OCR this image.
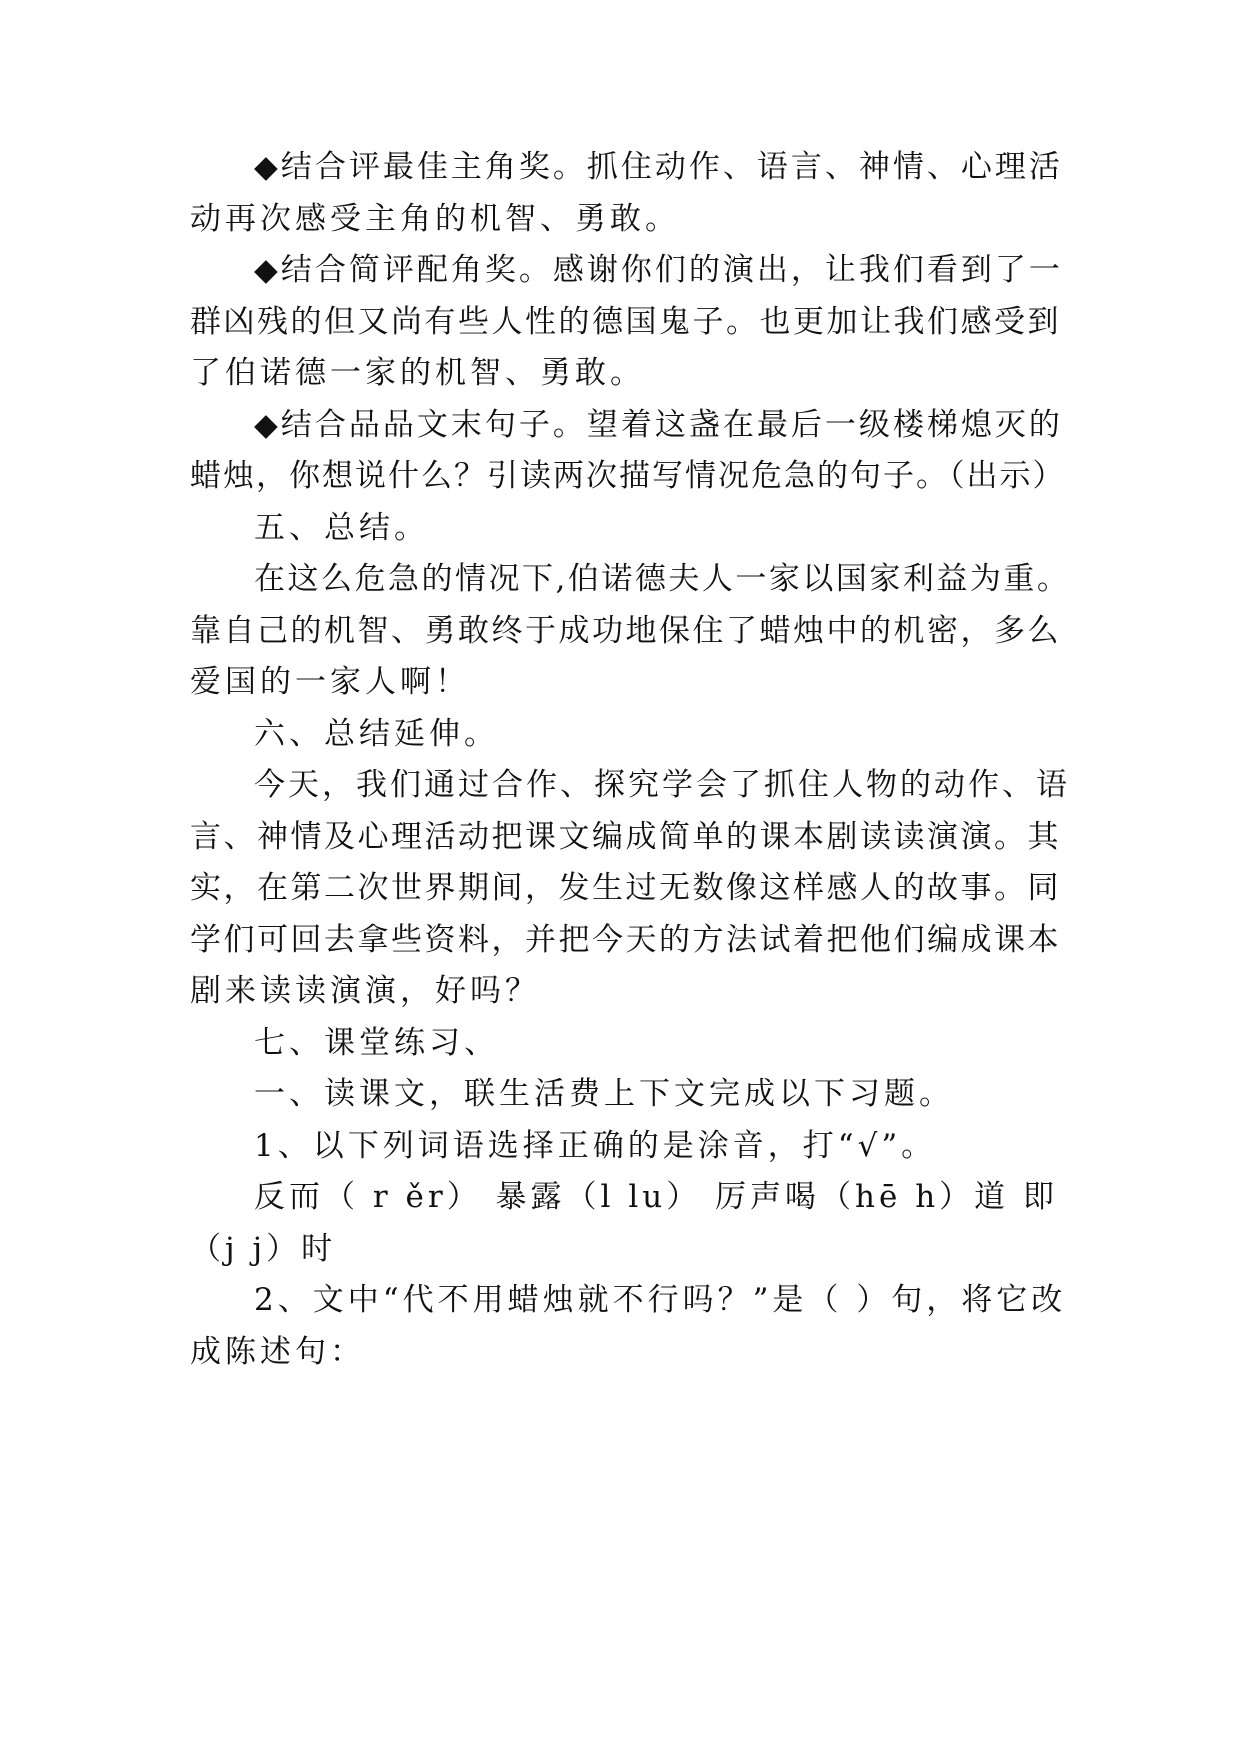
◆结合评最佳主角奖。抓住动作、语言、神情、心理活
动再次感受主角的机智、勇敢。
◆结合简评配角奖。感谢你们的演出，让我们看到了一
群凶残的但又尚有些人性的德国鬼子。也更加让我们感受到
了伯诺德一家的机智、勇敢。
◆结合品品文末句子。望着这盏在最后一级楼梯熄灭的
蜡烛，你想说什么？引读两次描写情况危急的句子。（出示）
五、总结。
在这么危急的情况下,伯诺德夫人一家以国家利益为重。
靠自己的机智、勇敢终于成功地保住了蜡烛中的机密，多么
爱国的一家人啊！
六、总结延伸。
今天，我们通过合作、探究学会了抓住人物的动作、语
言、神情及心理活动把课文编成简单的课本剧读读演演。其
实，在第二次世界期间，发生过无数像这样感人的故事。同
学们可回去拿些资料，并把今天的方法试着把他们编成课本
剧来读读演演，好吗？
七、课堂练习、
一、读课文，联生活费上下文完成以下习题。
1、以下列词语选择正确的是涂音，打“√”。
反而（ r ěr） 暴露（l lu） 厉声喝（hē h）道 即
（j j）时
2、文中“代不用蜡烛就不行吗？”是（ ）句，将它改
成陈述句：
